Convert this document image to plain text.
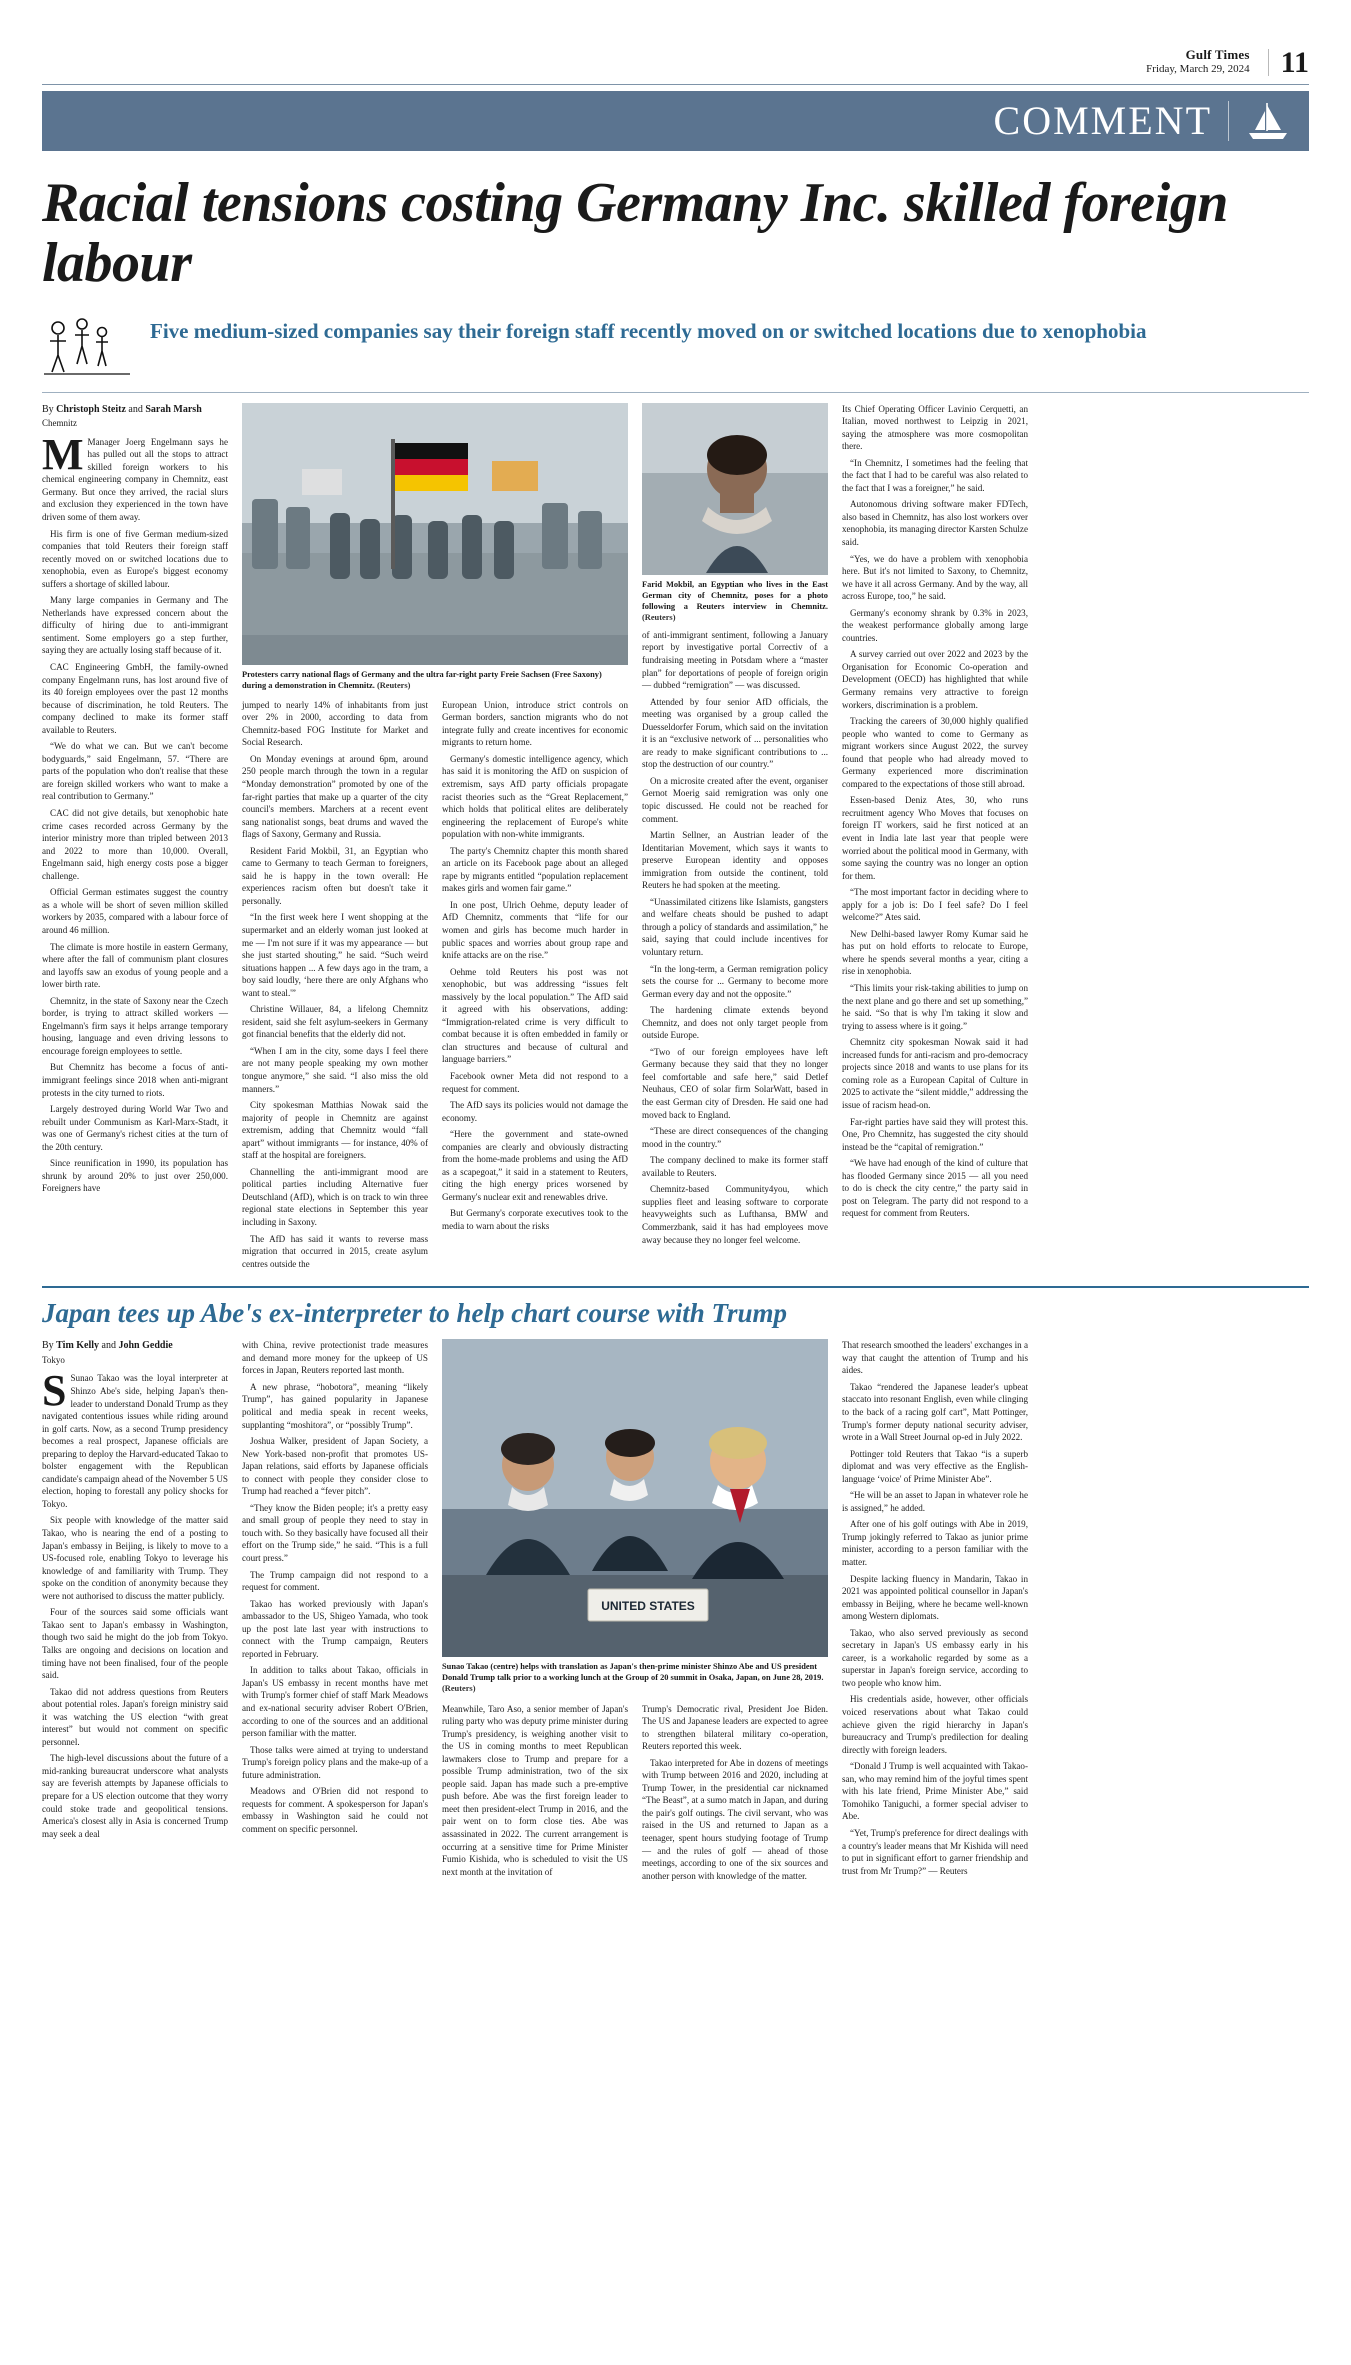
Gulf Times
Friday, March 29, 2024	11
COMMENT
Racial tensions costing Germany Inc. skilled foreign labour
Five medium-sized companies say their foreign staff recently moved on or switched locations due to xenophobia
By Christoph Steitz and Sarah Marsh
Chemnitz

M Manager Joerg Engelmann says he has pulled out all the stops to attract skilled foreign workers to his chemical engineering company in Chemnitz, east Germany. But once they arrived, the racial slurs and exclusion they experienced in the town have driven some of them away.

His firm is one of five German medium-sized companies that told Reuters their foreign staff recently moved on or switched locations due to xenophobia, even as Europe's biggest economy suffers a shortage of skilled labour.

Many large companies in Germany and The Netherlands have expressed concern about the difficulty of hiring due to anti-immigrant sentiment. Some employers go a step further, saying they are actually losing staff because of it.

CAC Engineering GmbH, the family-owned company Engelmann runs, has lost around five of its 40 foreign employees over the past 12 months because of discrimination, he told Reuters. The company declined to make its former staff available to Reuters.

“We do what we can. But we can't become bodyguards,” said Engelmann, 57. “There are parts of the population who don't realise that these are foreign skilled workers who want to make a real contribution to Germany.”

CAC did not give details, but xenophobic hate crime cases recorded across Germany by the interior ministry more than tripled between 2013 and 2022 to more than 10,000. Overall, Engelmann said, high energy costs pose a bigger challenge.

Official German estimates suggest the country as a whole will be short of seven million skilled workers by 2035, compared with a labour force of around 46 million.

The climate is more hostile in eastern Germany, where after the fall of communism plant closures and layoffs saw an exodus of young people and a lower birth rate.

Chemnitz, in the state of Saxony near the Czech border, is trying to attract skilled workers — Engelmann's firm says it helps arrange temporary housing, language and even driving lessons to encourage foreign employees to settle.

But Chemnitz has become a focus of anti-immigrant feelings since 2018 when anti-migrant protests in the city turned to riots.

Largely destroyed during World War Two and rebuilt under Communism as Karl-Marx-Stadt, it was one of Germany's richest cities at the turn of the 20th century.

Since reunification in 1990, its population has shrunk by around 20% to just over 250,000. Foreigners have

Protesters carry national flags of Germany and the ultra far-right party Freie Sachsen (Free Saxony) during a demonstration in Chemnitz. (Reuters)

jumped to nearly 14% of inhabitants from just over 2% in 2000, according to data from Chemnitz-based FOG Institute for Market and Social Research.

On Monday evenings at around 6pm, around 250 people march through the town in a regular “Monday demonstration” promoted by one of the far-right parties that make up a quarter of the city council's members. Marchers at a recent event sang nationalist songs, beat drums and waved the flags of Saxony, Germany and Russia.

Resident Farid Mokbil, 31, an Egyptian who came to Germany to teach German to foreigners, said he is happy in the town overall: He experiences racism often but doesn't take it personally.

“In the first week here I went shopping at the supermarket and an elderly woman just looked at me — I'm not sure if it was my appearance — but she just started shouting,” he said. “Such weird situations happen ... A few days ago in the tram, a boy said loudly, ‘here there are only Afghans who want to steal.'”

Christine Willauer, 84, a lifelong Chemnitz resident, said she felt asylum-seekers in Germany got financial benefits that the elderly did not.

“When I am in the city, some days I feel there are not many people speaking my own mother tongue anymore,” she said. “I also miss the old manners.”

City spokesman Matthias Nowak said the majority of people in Chemnitz are against extremism, adding that Chemnitz would “fall apart” without immigrants — for instance, 40% of staff at the hospital are foreigners.

Channelling the anti-immigrant mood are political parties including Alternative fuer Deutschland (AfD), which is on track to win three regional state elections in September this year including in Saxony.

The AfD has said it wants to reverse mass migration that occurred in 2015, create asylum centres outside the

European Union, introduce strict controls on German borders, sanction migrants who do not integrate fully and create incentives for economic migrants to return home.

Germany's domestic intelligence agency, which has said it is monitoring the AfD on suspicion of extremism, says AfD party officials propagate racist theories such as the “Great Replacement,” which holds that political elites are deliberately engineering the replacement of Europe's white population with non-white immigrants.

The party's Chemnitz chapter this month shared an article on its Facebook page about an alleged rape by migrants entitled “population replacement makes girls and women fair game.”

In one post, Ulrich Oehme, deputy leader of AfD Chemnitz, comments that “life for our women and girls has become much harder in public spaces and worries about group rape and knife attacks are on the rise.”

Oehme told Reuters his post was not xenophobic, but was addressing “issues felt massively by the local population.” The AfD said it agreed with his observations, adding: “Immigration-related crime is very difficult to combat because it is often embedded in family or clan structures and because of cultural and language barriers.”

Facebook owner Meta did not respond to a request for comment.

The AfD says its policies would not damage the economy.

“Here the government and state-owned companies are clearly and obviously distracting from the home-made problems and using the AfD as a scapegoat,” it said in a statement to Reuters, citing the high energy prices worsened by Germany's nuclear exit and renewables drive.

But Germany's corporate executives took to the media to warn about the risks

Farid Mokbil, an Egyptian who lives in the East German city of Chemnitz, poses for a photo following a Reuters interview in Chemnitz. (Reuters)

of anti-immigrant sentiment, following a January report by investigative portal Correctiv of a fundraising meeting in Potsdam where a “master plan” for deportations of people of foreign origin — dubbed “remigration” — was discussed.

Attended by four senior AfD officials, the meeting was organised by a group called the Duesseldorfer Forum, which said on the invitation it is an “exclusive network of ... personalities who are ready to make significant contributions to ... stop the destruction of our country.”

On a microsite created after the event, organiser Gernot Moerig said remigration was only one topic discussed. He could not be reached for comment.

Martin Sellner, an Austrian leader of the Identitarian Movement, which says it wants to preserve European identity and opposes immigration from outside the continent, told Reuters he had spoken at the meeting.

“Unassimilated citizens like Islamists, gangsters and welfare cheats should be pushed to adapt through a policy of standards and assimilation,” he said, saying that could include incentives for voluntary return.

“In the long-term, a German remigration policy sets the course for ... Germany to become more German every day and not the opposite.”

The hardening climate extends beyond Chemnitz, and does not only target people from outside Europe.

“Two of our foreign employees have left Germany because they said that they no longer feel comfortable and safe here,” said Detlef Neuhaus, CEO of solar firm SolarWatt, based in the east German city of Dresden. He said one had moved back to England.

“These are direct consequences of the changing mood in the country.”

The company declined to make its former staff available to Reuters.

Chemnitz-based Community4you, which supplies fleet and leasing software to corporate heavyweights such as Lufthansa, BMW and Commerzbank, said it has had employees move away because they no longer feel welcome.

Its Chief Operating Officer Lavinio Cerquetti, an Italian, moved northwest to Leipzig in 2021, saying the atmosphere was more cosmopolitan there.

“In Chemnitz, I sometimes had the feeling that the fact that I had to be careful was also related to the fact that I was a foreigner,” he said.

Autonomous driving software maker FDTech, also based in Chemnitz, has also lost workers over xenophobia, its managing director Karsten Schulze said.

“Yes, we do have a problem with xenophobia here. But it's not limited to Saxony, to Chemnitz, we have it all across Germany. And by the way, all across Europe, too,” he said.

Germany's economy shrank by 0.3% in 2023, the weakest performance globally among large countries.

A survey carried out over 2022 and 2023 by the Organisation for Economic Co-operation and Development (OECD) has highlighted that while Germany remains very attractive to foreign workers, discrimination is a problem.

Tracking the careers of 30,000 highly qualified people who wanted to come to Germany as migrant workers since August 2022, the survey found that people who had already moved to Germany experienced more discrimination compared to the expectations of those still abroad.

Essen-based Deniz Ates, 30, who runs recruitment agency Who Moves that focuses on foreign IT workers, said he first noticed at an event in India late last year that people were worried about the political mood in Germany, with some saying the country was no longer an option for them.

“The most important factor in deciding where to apply for a job is: Do I feel safe? Do I feel welcome?” Ates said.

New Delhi-based lawyer Romy Kumar said he has put on hold efforts to relocate to Europe, where he spends several months a year, citing a rise in xenophobia.

“This limits your risk-taking abilities to jump on the next plane and go there and set up something,” he said. “So that is why I'm taking it slow and trying to assess where is it going.”

Chemnitz city spokesman Nowak said it had increased funds for anti-racism and pro-democracy projects since 2018 and wants to use plans for its coming role as a European Capital of Culture in 2025 to activate the “silent middle,” addressing the issue of racism head-on.

Far-right parties have said they will protest this. One, Pro Chemnitz, has suggested the city should instead be the “capital of remigration.”

“We have had enough of the kind of culture that has flooded Germany since 2015 — all you need to do is check the city centre,” the party said in post on Telegram. The party did not respond to a request for comment from Reuters.

Japan tees up Abe's ex-interpreter to help chart course with Trump
By Tim Kelly and John Geddie
Tokyo

S Sunao Takao was the loyal interpreter at Shinzo Abe's side, helping Japan's then-leader to understand Donald Trump as they navigated contentious issues while riding around in golf carts. Now, as a second Trump presidency becomes a real prospect, Japanese officials are preparing to deploy the Harvard-educated Takao to bolster engagement with the Republican candidate's campaign ahead of the November 5 US election, hoping to forestall any policy shocks for Tokyo.

Six people with knowledge of the matter said Takao, who is nearing the end of a posting to Japan's embassy in Beijing, is likely to move to a US-focused role, enabling Tokyo to leverage his knowledge of and familiarity with Trump. They spoke on the condition of anonymity because they were not authorised to discuss the matter publicly.

Four of the sources said some officials want Takao sent to Japan's embassy in Washington, though two said he might do the job from Tokyo. Talks are ongoing and decisions on location and timing have not been finalised, four of the people said.

Takao did not address questions from Reuters about potential roles. Japan's foreign ministry said it was watching the US election “with great interest” but would not comment on specific personnel.

The high-level discussions about the future of a mid-ranking bureaucrat underscore what analysts say are feverish attempts by Japanese officials to prepare for a US election outcome that they worry could stoke trade and geopolitical tensions. America's closest ally in Asia is concerned Trump may seek a deal

with China, revive protectionist trade measures and demand more money for the upkeep of US forces in Japan, Reuters reported last month.

A new phrase, “hobotora”, meaning “likely Trump”, has gained popularity in Japanese political and media speak in recent weeks, supplanting “moshitora”, or “possibly Trump”.

Joshua Walker, president of Japan Society, a New York-based non-profit that promotes US-Japan relations, said efforts by Japanese officials to connect with people they consider close to Trump had reached a “fever pitch”.

“They know the Biden people; it's a pretty easy and small group of people they need to stay in touch with. So they basically have focused all their effort on the Trump side,” he said. “This is a full court press.”

The Trump campaign did not respond to a request for comment.

Takao has worked previously with Japan's ambassador to the US, Shigeo Yamada, who took up the post late last year with instructions to connect with the Trump campaign, Reuters reported in February.

In addition to talks about Takao, officials in Japan's US embassy in recent months have met with Trump's former chief of staff Mark Meadows and ex-national security adviser Robert O'Brien, according to one of the sources and an additional person familiar with the matter.

Those talks were aimed at trying to understand Trump's foreign policy plans and the make-up of a future administration.

Meadows and O'Brien did not respond to requests for comment. A spokesperson for Japan's embassy in Washington said he could not comment on specific personnel.

UNITED STATES
Sunao Takao (centre) helps with translation as Japan's then-prime minister Shinzo Abe and US president Donald Trump talk prior to a working lunch at the Group of 20 summit in Osaka, Japan, on June 28, 2019. (Reuters)

Meanwhile, Taro Aso, a senior member of Japan's ruling party who was deputy prime minister during Trump's presidency, is weighing another visit to the US in coming months to meet Republican lawmakers close to Trump and prepare for a possible Trump administration, two of the six people said. Japan has made such a pre-emptive push before. Abe was the first foreign leader to meet then president-elect Trump in 2016, and the pair went on to form close ties. Abe was assassinated in 2022. The current arrangement is occurring at a sensitive time for Prime Minister Fumio Kishida, who is scheduled to visit the US next month at the invitation of

Trump's Democratic rival, President Joe Biden. The US and Japanese leaders are expected to agree to strengthen bilateral military co-operation, Reuters reported this week.

Takao interpreted for Abe in dozens of meetings with Trump between 2016 and 2020, including at Trump Tower, in the presidential car nicknamed “The Beast”, at a sumo match in Japan, and during the pair's golf outings. The civil servant, who was raised in the US and returned to Japan as a teenager, spent hours studying footage of Trump — and the rules of golf — ahead of those meetings, according to one of the six sources and another person with knowledge of the matter.

That research smoothed the leaders' exchanges in a way that caught the attention of Trump and his aides.

Takao “rendered the Japanese leader's upbeat staccato into resonant English, even while clinging to the back of a racing golf cart”, Matt Pottinger, Trump's former deputy national security adviser, wrote in a Wall Street Journal op-ed in July 2022.

Pottinger told Reuters that Takao “is a superb diplomat and was very effective as the English-language ‘voice' of Prime Minister Abe”.

“He will be an asset to Japan in whatever role he is assigned,” he added.

After one of his golf outings with Abe in 2019, Trump jokingly referred to Takao as junior prime minister, according to a person familiar with the matter.

Despite lacking fluency in Mandarin, Takao in 2021 was appointed political counsellor in Japan's embassy in Beijing, where he became well-known among Western diplomats.

Takao, who also served previously as second secretary in Japan's US embassy early in his career, is a workaholic regarded by some as a superstar in Japan's foreign service, according to two people who know him.

His credentials aside, however, other officials voiced reservations about what Takao could achieve given the rigid hierarchy in Japan's bureaucracy and Trump's predilection for dealing directly with foreign leaders.

“Donald J Trump is well acquainted with Takao-san, who may remind him of the joyful times spent with his late friend, Prime Minister Abe,” said Tomohiko Taniguchi, a former special adviser to Abe.

“Yet, Trump's preference for direct dealings with a country's leader means that Mr Kishida will need to put in significant effort to garner friendship and trust from Mr Trump?” — Reuters
